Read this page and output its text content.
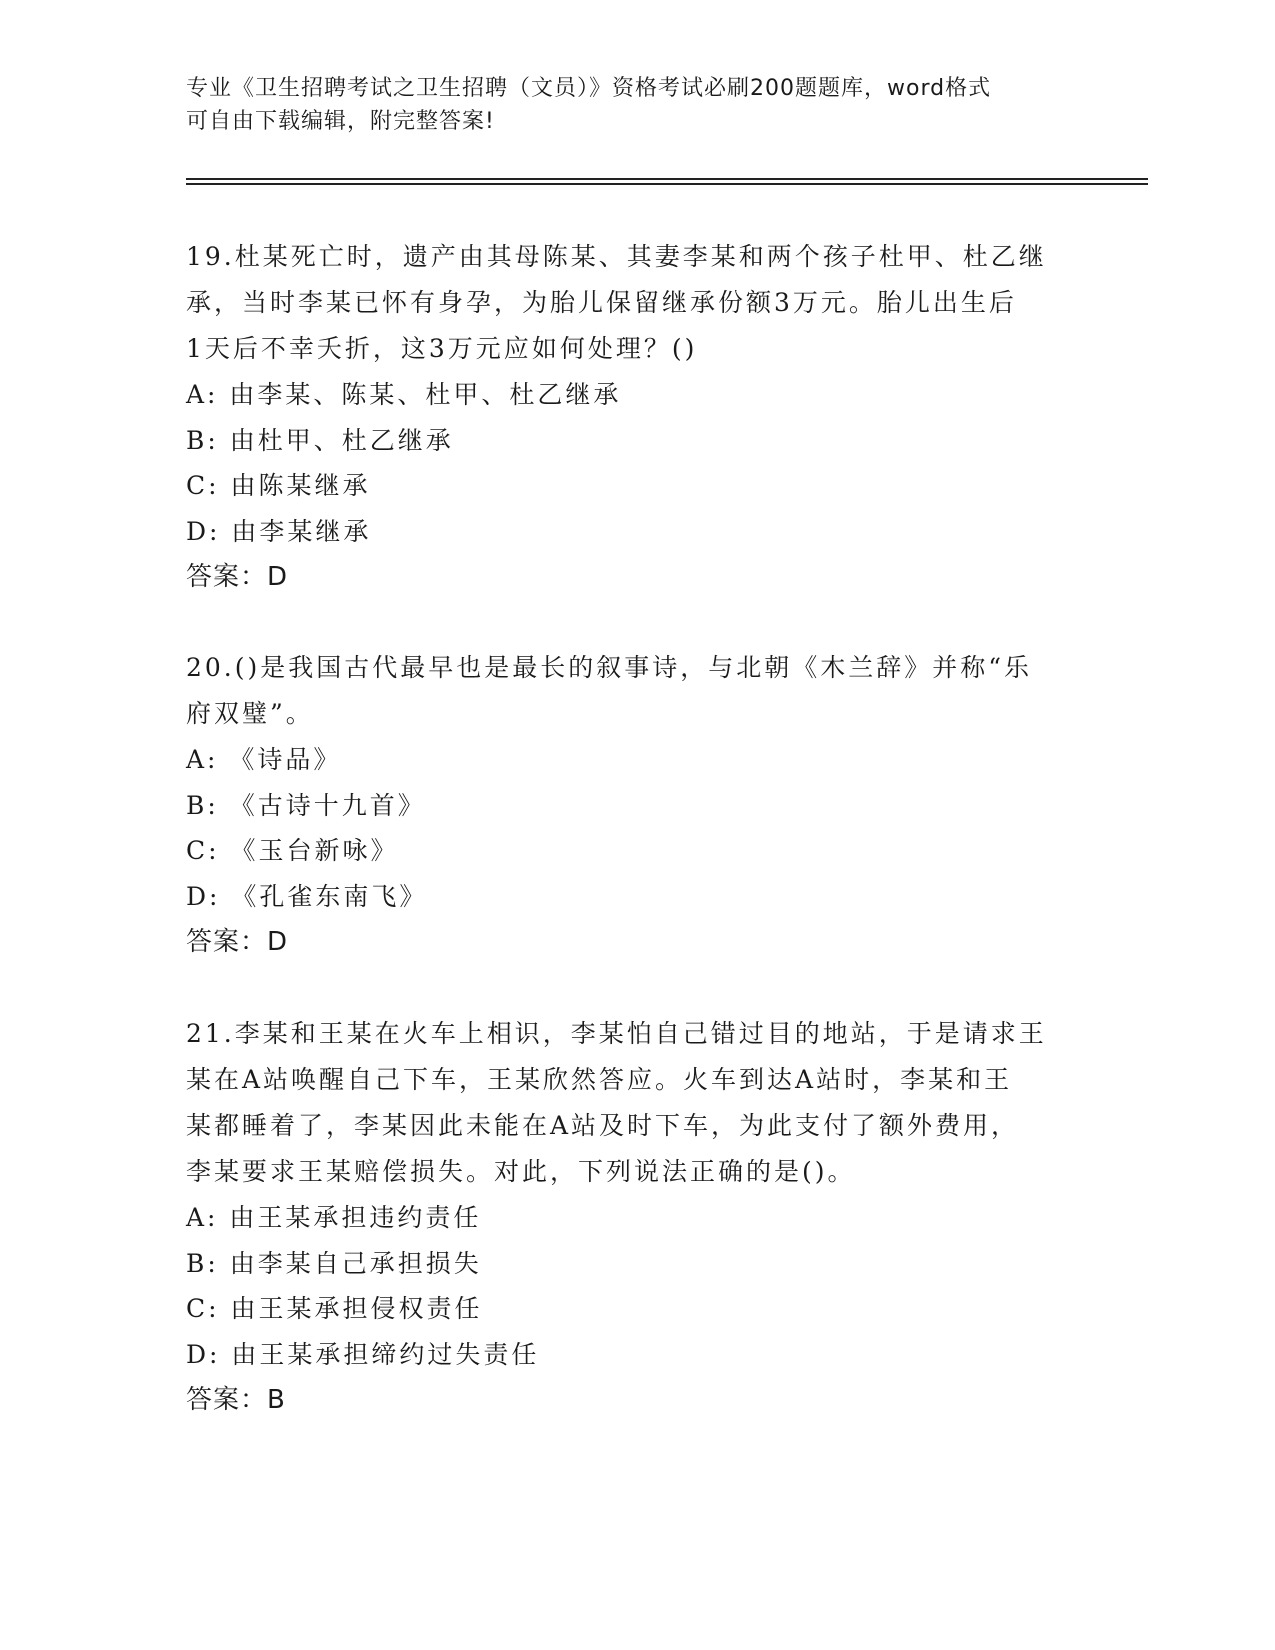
专业《卫生招聘考试之卫生招聘（文员）》资格考试必刷200题题库，word格式
可自由下载编辑，附完整答案!
19.杜某死亡时，遗产由其母陈某、其妻李某和两个孩子杜甲、杜乙继
承，当时李某已怀有身孕，为胎儿保留继承份额3万元。胎儿出生后
1天后不幸夭折，这3万元应如何处理？()
A: 由李某、陈某、杜甲、杜乙继承
B: 由杜甲、杜乙继承
C: 由陈某继承
D: 由李某继承
答案：D
20.()是我国古代最早也是最长的叙事诗，与北朝《木兰辞》并称“乐
府双璧”。
A: 《诗品》
B: 《古诗十九首》
C: 《玉台新咏》
D: 《孔雀东南飞》
答案：D
21.李某和王某在火车上相识，李某怕自己错过目的地站，于是请求王
某在A站唤醒自己下车，王某欣然答应。火车到达A站时，李某和王
某都睡着了，李某因此未能在A站及时下车，为此支付了额外费用，
李某要求王某赔偿损失。对此，下列说法正确的是()。
A: 由王某承担违约责任
B: 由李某自己承担损失
C: 由王某承担侵权责任
D: 由王某承担缔约过失责任
答案：B
